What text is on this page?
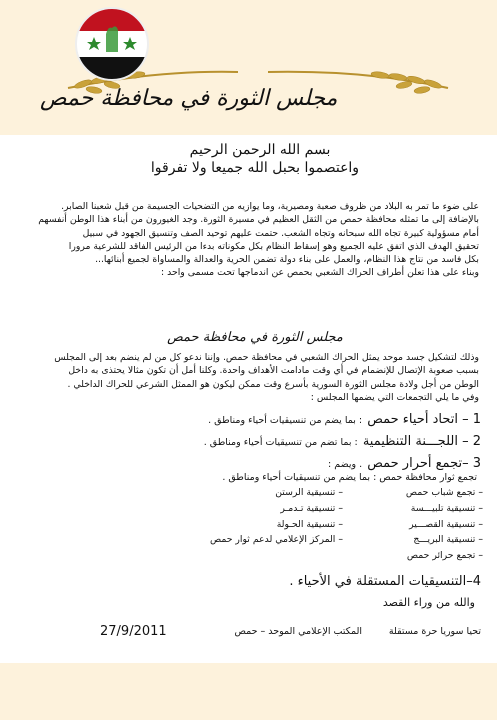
مجلس الثورة في محافظة حمص
بسم الله الرحمن الرحيم
واعتصموا بحبل الله جميعا ولا تفرقوا
على ضوء ما تمر به البلاد من ظروف صعبة ومصيرية، وما يوازيه من التضحيات الجسيمة من قبل شعبنا الصابر.
بالإضافة إلى ما تمثله محافظة حمص من الثقل العظيم في مسيرة الثورة. وجد الغيورون من أبناء هذا الوطن أنفسهم
أمام مسؤولية كبيرة تجاه الله سبحانه وتجاه الشعب. حتمت عليهم توحيد الصف وتنسيق الجهود في سبيل
تحقيق الهدف الذي اتفق عليه الجميع وهو إسقاط النظام بكل مكوناته بدءا من الرئيس الفاقد للشرعية مرورا
بكل فاسد من نتاج هذا النظام، والعمل على بناء دولة تضمن الحرية والعدالة والمساواة لجميع أبنائها...
وبناء على هذا تعلن أطراف الحراك الشعبي بحمص عن اندماجها تحت مسمى واحد :
مجلس الثورة في محافظة حمص
وذلك لتشكيل جسد موحد يمثل الحراك الشعبي في محافظة حمص. وإننا ندعو كل من لم ينضم بعد إلى المجلس
بسبب صعوبة الإتصال للإنضمام في أي وقت مادامت الأهداف واحدة. وكلنا أمل أن تكون مثالا يحتذى به داخل
الوطن من أجل ولادة مجلس الثورة السورية بأسرع وقت ممكن ليكون هو الممثل الشرعي للحراك الداخلي .
وفي ما يلي التجمعات التي يضمها المجلس :
1 – اتحاد أحياء حمص : بما يضم من تنسيقيات أحياء ومناطق .
2 – اللجـــنة التنظيمية : بما تضم من تنسيقيات أحياء ومناطق .
3 –تجمع أحرار حمص . ويضم :
تجمع ثوار محافظة حمص : بما يضم من تنسيقيات أحياء ومناطق .
– تجمع شباب حمص
– تنسيقية الرستن
– تنسيقية تلبيـــسة
– تنسيقية تـدمـر
– تنسيقية القصـــير
– تنسيقية الحـولة
– تنسيقية البريـــج
– المركز الإعلامي لدعم ثوار حمص
– تجمع حرائر حمص
4–التنسيقيات المستقلة في الأحياء .
والله من وراء القصد
تحيا سوريا حرة مستقلة
المكتب الإعلامي الموحد – حمص
27/9/2011
